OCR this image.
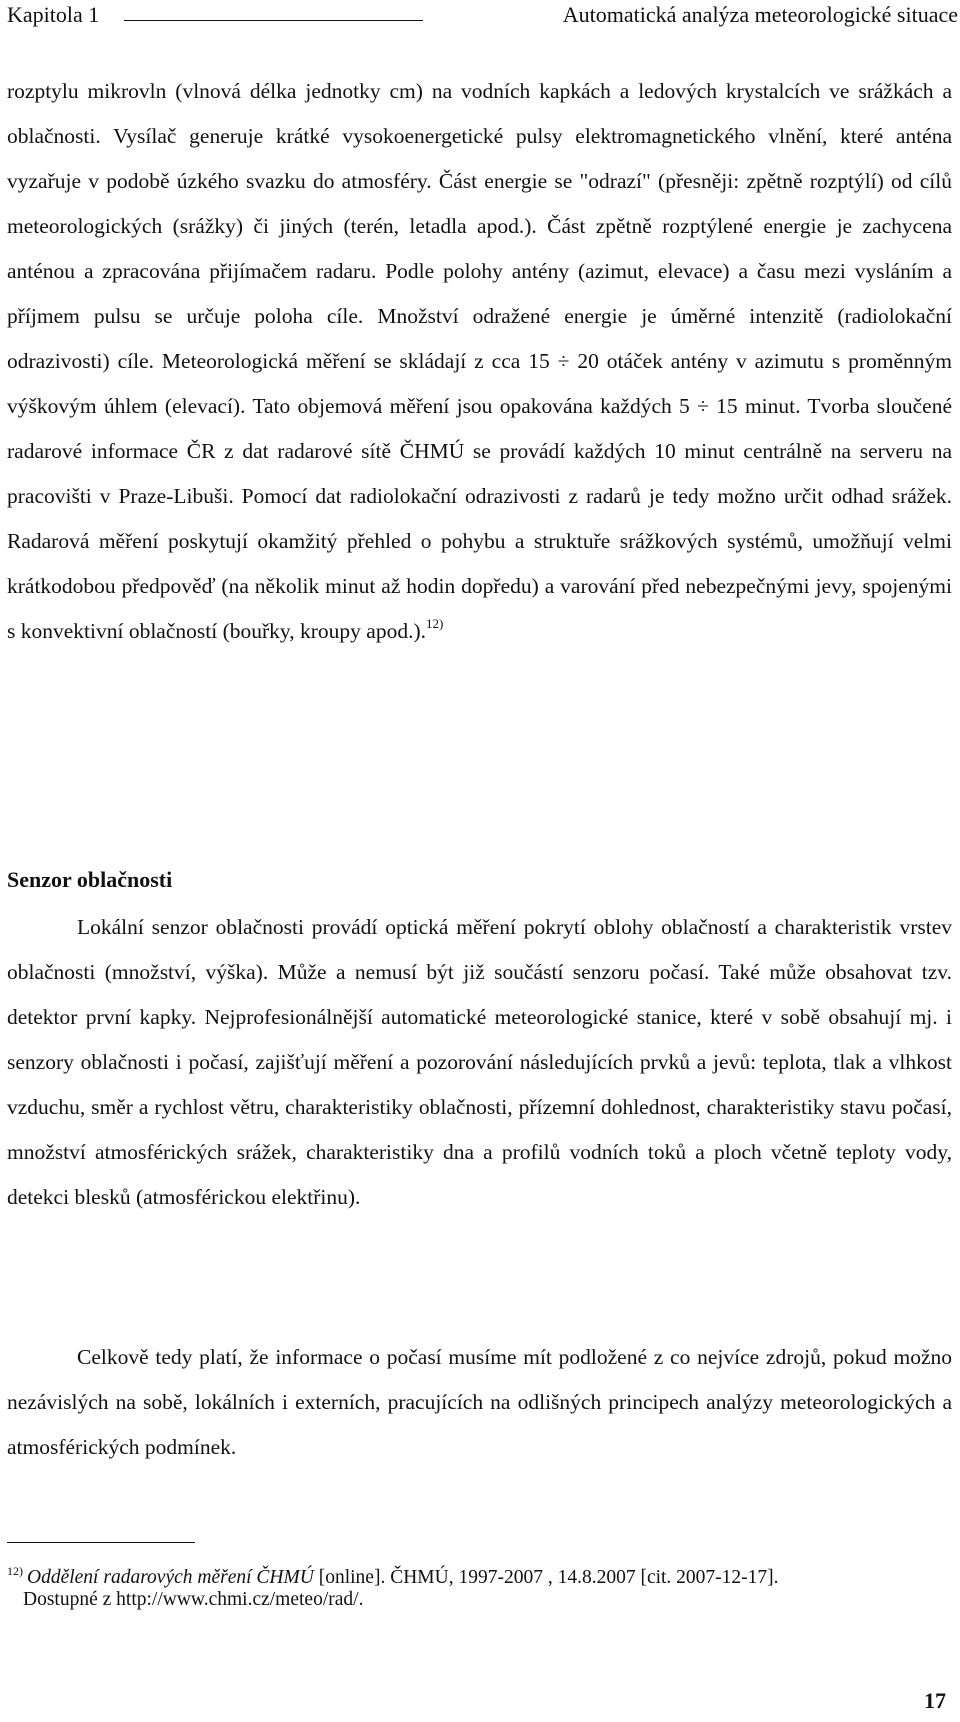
Kapitola 1	Automatická analýza meteorologické situace

rozptylu mikrovln (vlnová délka jednotky cm) na vodních kapkách a ledových krystalcích ve srážkách a oblačnosti. Vysílač generuje krátké vysokoenergetické pulsy elektromagnetického vlnění, které anténa vyzařuje v podobě úzkého svazku do atmosféry. Část energie se "odrazí" (přesněji: zpětně rozptýlí) od cílů meteorologických (srážky) či jiných (terén, letadla apod.). Část zpětně rozptýlené energie je zachycena anténou a zpracována přijímačem radaru. Podle polohy antény (azimut, elevace) a času mezi vysláním a příjmem pulsu se určuje poloha cíle. Množství odražené energie je úměrné intenzitě (radiolokační odrazivosti) cíle. Meteorologická měření se skládají z cca 15 ÷ 20 otáček antény v azimutu s proměnným výškovým úhlem (elevací). Tato objemová měření jsou opakována každých 5 ÷ 15 minut. Tvorba sloučené radarové informace ČR z dat radarové sítě ČHMÚ se provádí každých 10 minut centrálně na serveru na pracovišti v Praze-Libuši. Pomocí dat radiolokační odrazivosti z radarů je tedy možno určit odhad srážek. Radarová měření poskytují okamžitý přehled o pohybu a struktuře srážkových systémů, umožňují velmi krátkodobou předpověď (na několik minut až hodin dopředu) a varování před nebezpečnými jevy, spojenými s konvektivní oblačností (bouřky, kroupy apod.).$^{12)}$

Senzor oblačnosti

Lokální senzor oblačnosti provádí optická měření pokrytí oblohy oblačností a charakteristik vrstev oblačnosti (množství, výška). Může a nemusí být již součástí senzoru počasí. Také může obsahovat tzv. detektor první kapky. Nejprofesionálnější automatické meteorologické stanice, které v sobě obsahují mj. i senzory oblačnosti i počasí, zajišťují měření a pozorování následujících prvků a jevů: teplota, tlak a vlhkost vzduchu, směr a rychlost větru, charakteristiky oblačnosti, přízemní dohlednost, charakteristiky stavu počasí, množství atmosférických srážek, charakteristiky dna a profilů vodních toků a ploch včetně teploty vody, detekci blesků (atmosférickou elektřinu).

Celkově tedy platí, že informace o počasí musíme mít podložené z co nejvíce zdrojů, pokud možno nezávislých na sobě, lokálních i externích, pracujících na odlišných principech analýzy meteorologických a atmosférických podmínek.

$^{12)}$ Oddělení radarových měření ČHMÚ [online]. ČHMÚ, 1997-2007 , 14.8.2007 [cit. 2007-12-17].
Dostupné z http://www.chmi.cz/meteo/rad/.
17
